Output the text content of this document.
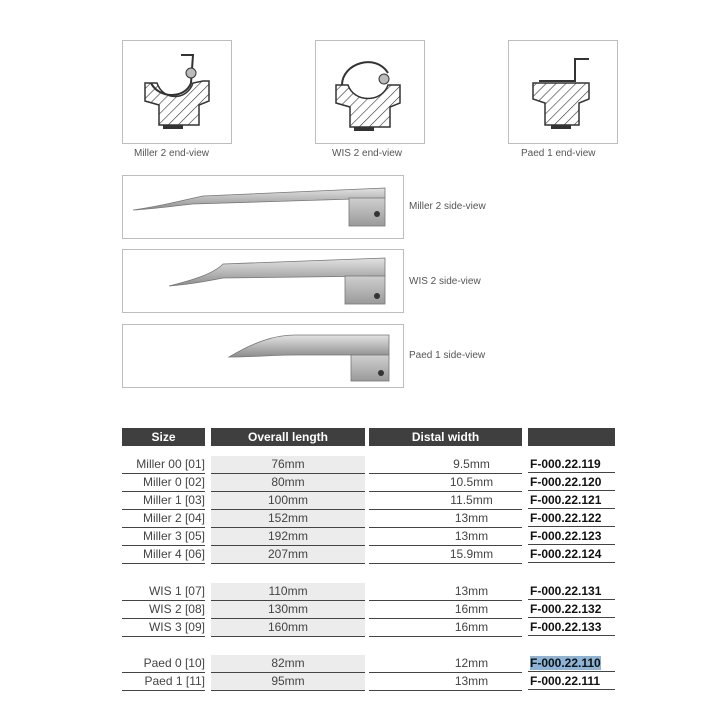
Miller 2 end-view	WIS 2 end-view	Paed 1 end-view
Miller 2 side-view
WIS 2 side-view
Paed 1 side-view
Size	Overall length	Distal width
Miller 00 [01]	76mm	9.5mm	F-000.22.119
Miller 0 [02]	80mm	10.5mm	F-000.22.120
Miller 1 [03]	100mm	11.5mm	F-000.22.121
Miller 2 [04]	152mm	13mm	F-000.22.122
Miller 3 [05]	192mm	13mm	F-000.22.123
Miller 4 [06]	207mm	15.9mm	F-000.22.124
WIS 1 [07]	110mm	13mm	F-000.22.131
WIS 2 [08]	130mm	16mm	F-000.22.132
WIS 3 [09]	160mm	16mm	F-000.22.133
Paed 0 [10]	82mm	12mm	F-000.22.110
Paed 1 [11]	95mm	13mm	F-000.22.111
